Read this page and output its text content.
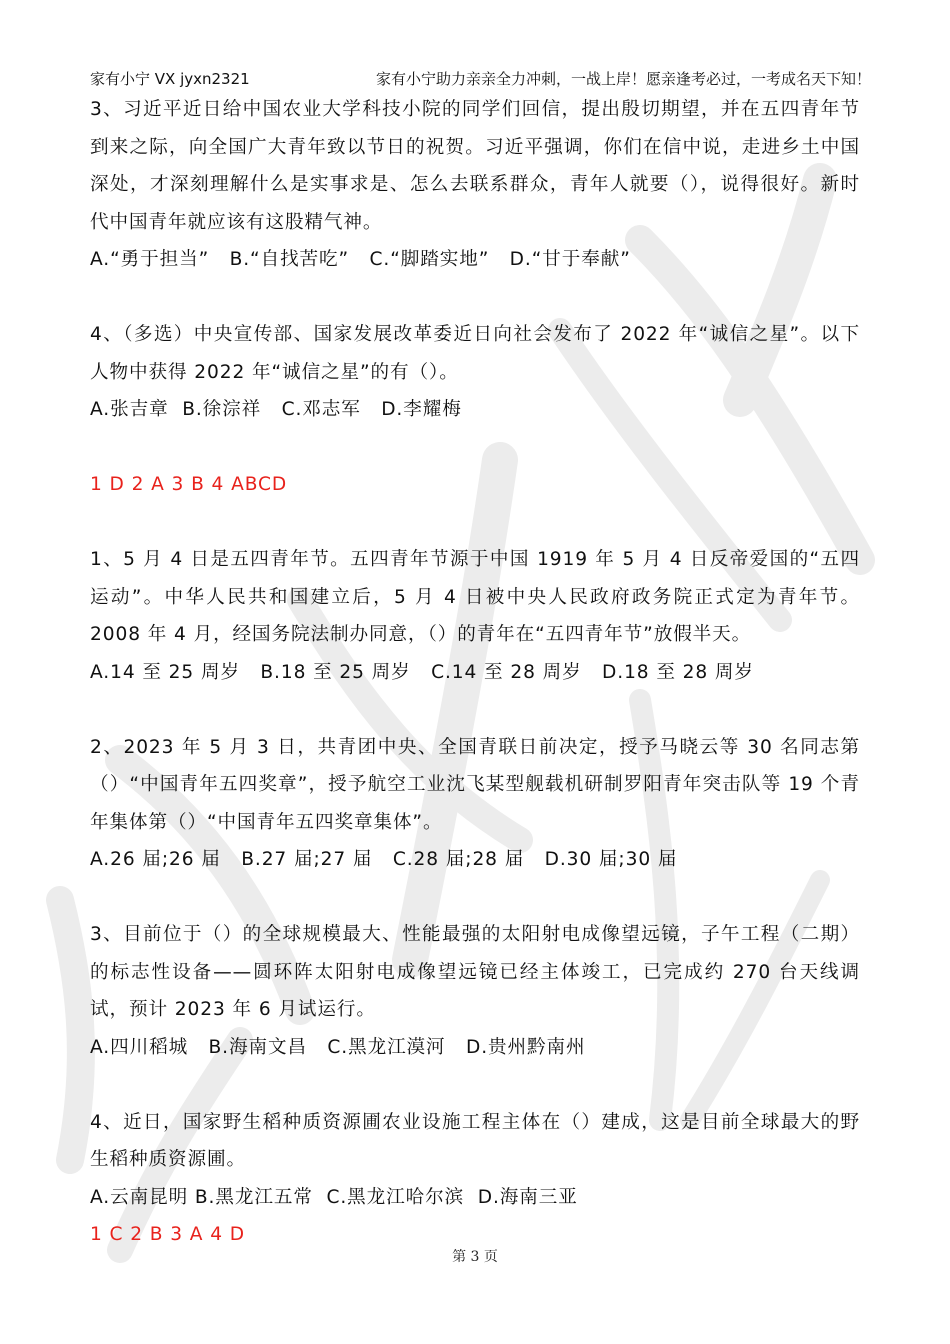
家有小宁 VX jyxn2321	家有小宁助力亲亲全力冲刺，一战上岸！愿亲逢考必过，一考成名天下知！

3、习近平近日给中国农业大学科技小院的同学们回信，提出殷切期望，并在五四青年节到来之际，向全国广大青年致以节日的祝贺。习近平强调，你们在信中说，走进乡土中国深处，才深刻理解什么是实事求是、怎么去联系群众，青年人就要（），说得很好。新时代中国青年就应该有这股精气神。

A.“勇于担当”   B.“自找苦吃”   C.“脚踏实地”   D.“甘于奉献”

4、（多选）中央宣传部、国家发展改革委近日向社会发布了 2022 年“诚信之星”。以下人物中获得 2022 年“诚信之星”的有（）。

A.张吉章  B.徐淙祥   C.邓志军   D.李耀梅

1 D 2 A 3 B 4 ABCD

1、5 月 4 日是五四青年节。五四青年节源于中国 1919 年 5 月 4 日反帝爱国的“五四运动”。中华人民共和国建立后，5 月 4 日被中央人民政府政务院正式定为青年节。2008 年 4 月，经国务院法制办同意，（）的青年在“五四青年节”放假半天。

A.14 至 25 周岁   B.18 至 25 周岁   C.14 至 28 周岁   D.18 至 28 周岁

2、2023 年 5 月 3 日，共青团中央、全国青联日前决定，授予马晓云等 30 名同志第（）“中国青年五四奖章”，授予航空工业沈飞某型舰载机研制罗阳青年突击队等 19 个青年集体第（）“中国青年五四奖章集体”。

A.26 届;26 届   B.27 届;27 届   C.28 届;28 届   D.30 届;30 届

3、目前位于（）的全球规模最大、性能最强的太阳射电成像望远镜，子午工程（二期）的标志性设备——圆环阵太阳射电成像望远镜已经主体竣工，已完成约 270 台天线调试，预计 2023 年 6 月试运行。

A.四川稻城   B.海南文昌   C.黑龙江漠河   D.贵州黔南州

4、近日，国家野生稻种质资源圃农业设施工程主体在（）建成，这是目前全球最大的野生稻种质资源圃。

A.云南昆明 B.黑龙江五常  C.黑龙江哈尔滨  D.海南三亚

1 C 2 B 3 A 4 D

第 3 页
